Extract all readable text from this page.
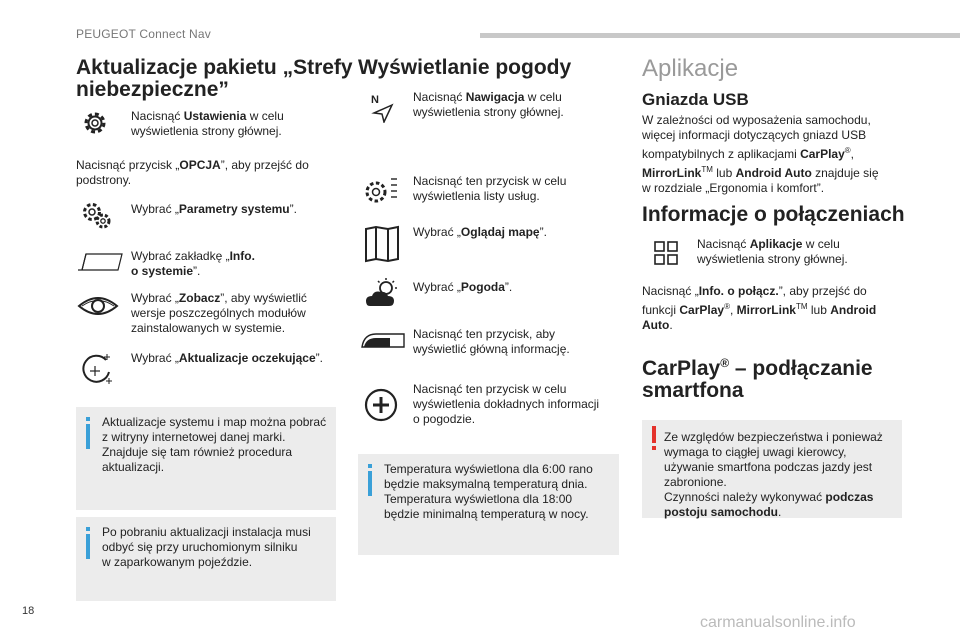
PEUGEOT Connect Nav
18
carmanualsonline.info
Aktualizacje pakietu „Strefy
niebezpieczne”
Nacisnąć Ustawienia w celu
wyświetlenia strony głównej.
Nacisnąć przycisk „OPCJA”, aby przejść do
podstrony.
Wybrać „Parametry systemu”.
Wybrać zakładkę „Info.
o systemie”.
Wybrać „Zobacz”, aby wyświetlić
wersje poszczególnych modułów
zainstalowanych w systemie.
Wybrać „Aktualizacje oczekujące”.
Aktualizacje systemu i map można pobrać
z witryny internetowej danej marki.
Znajduje się tam również procedura
aktualizacji.
Po pobraniu aktualizacji instalacja musi
odbyć się przy uruchomionym silniku
w zaparkowanym pojeździe.
Wyświetlanie pogody
N	Nacisnąć Nawigacja w celu
wyświetlenia strony głównej.
Nacisnąć ten przycisk w celu
wyświetlenia listy usług.
Wybrać „Oglądaj mapę”.
Wybrać „Pogoda”.
Nacisnąć ten przycisk, aby
wyświetlić główną informację.
Nacisnąć ten przycisk w celu
wyświetlenia dokładnych informacji
o pogodzie.
Temperatura wyświetlona dla 6:00 rano
będzie maksymalną temperaturą dnia.
Temperatura wyświetlona dla 18:00
będzie minimalną temperaturą w nocy.
Aplikacje
Gniazda USB
W zależności od wyposażenia samochodu,
więcej informacji dotyczących gniazd USB
kompatybilnych z aplikacjami CarPlay®,
MirrorLink™ lub Android Auto znajduje się
w rozdziale „Ergonomia i komfort”.
Informacje o połączeniach
Nacisnąć Aplikacje w celu
wyświetlenia strony głównej.
Nacisnąć „Info. o połącz.”, aby przejść do
funkcji CarPlay®, MirrorLink™ lub Android
Auto.
CarPlay® – podłączanie
smartfona
Ze względów bezpieczeństwa i ponieważ
wymaga to ciągłej uwagi kierowcy,
używanie smartfona podczas jazdy jest
zabronione.
Czynności należy wykonywać podczas
postoju samochodu.
